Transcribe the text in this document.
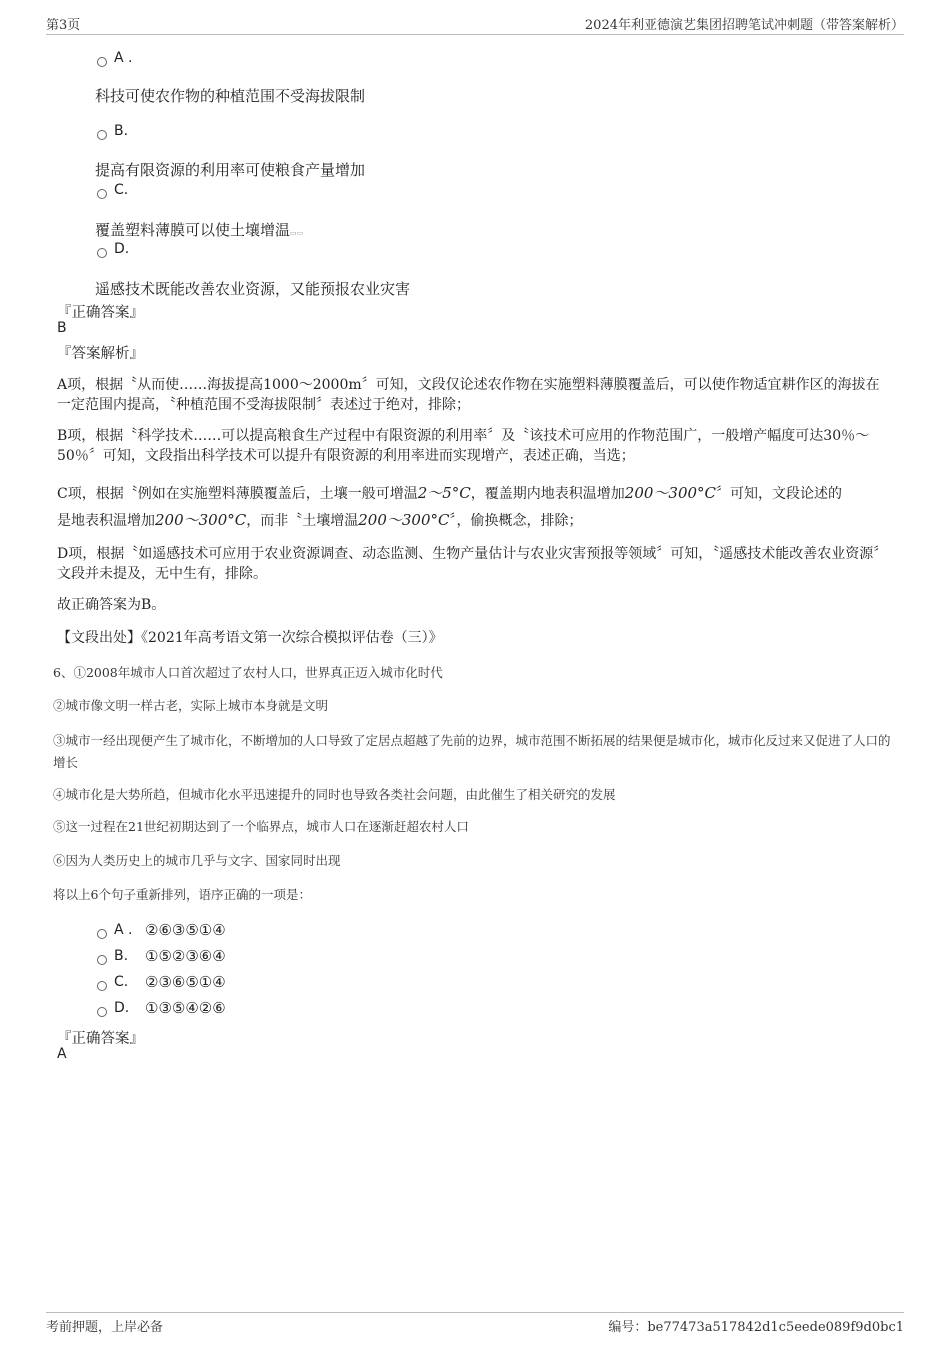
第3页	2024年利亚德演艺集团招聘笔试冲刺题（带答案解析）
A .
科技可使农作物的种植范围不受海拔限制
B.
提高有限资源的利用率可使粮食产量增加
C.
覆盖塑料薄膜可以使土壤增温▭▭
D.
遥感技术既能改善农业资源，又能预报农业灾害
『正确答案』
B
『答案解析』
A项，根据〝从而使……海拔提高1000～2000m〞可知，文段仅论述农作物在实施塑料薄膜覆盖后，可以使作物适宜耕作区的海拔在一定范围内提高，〝种植范围不受海拔限制〞表述过于绝对，排除；
B项，根据〝科学技术……可以提高粮食生产过程中有限资源的利用率〞及〝该技术可应用的作物范围广，一般增产幅度可达30％～50％〞可知，文段指出科学技术可以提升有限资源的利用率进而实现增产，表述正确，当选；
C项，根据〝例如在实施塑料薄膜覆盖后，土壤一般可增温2～5°C，覆盖期内地表积温增加200～300°C〞可知，文段论述的
是地表积温增加200～300°C，而非〝土壤增温200～300°C〞，偷换概念，排除；
D项，根据〝如遥感技术可应用于农业资源调查、动态监测、生物产量估计与农业灾害预报等领域〞可知，〝遥感技术能改善农业资源〞文段并未提及，无中生有，排除。
故正确答案为B。
【文段出处】《2021年高考语文第一次综合模拟评估卷（三）》
6、①2008年城市人口首次超过了农村人口，世界真正迈入城市化时代
②城市像文明一样古老，实际上城市本身就是文明
③城市一经出现便产生了城市化，不断增加的人口导致了定居点超越了先前的边界，城市范围不断拓展的结果便是城市化，城市化反过来又促进了人口的增长
④城市化是大势所趋，但城市化水平迅速提升的同时也导致各类社会问题，由此催生了相关研究的发展
⑤这一过程在21世纪初期达到了一个临界点，城市人口在逐渐赶超农村人口
⑥因为人类历史上的城市几乎与文字、国家同时出现
将以上6个句子重新排列，语序正确的一项是：
A . ②⑥③⑤①④
B. ①⑤②③⑥④
C. ②③⑥⑤①④
D. ①③⑤④②⑥
『正确答案』
A
考前押题，上岸必备	编号：be77473a517842d1c5eede089f9d0bc1
